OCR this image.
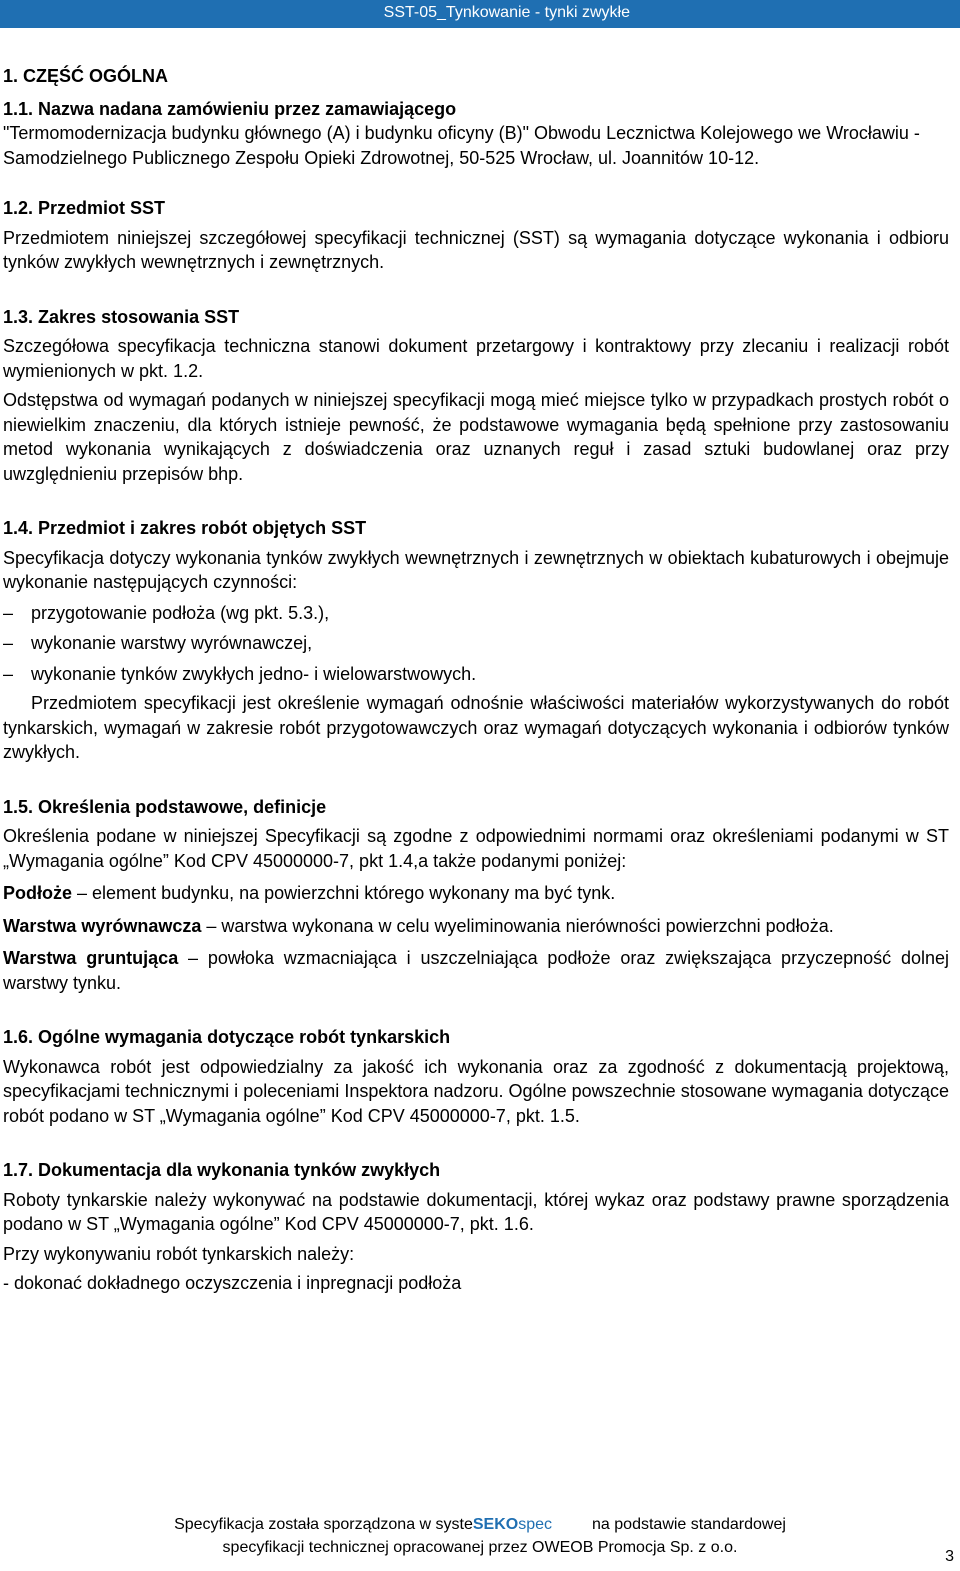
SST-05_Tynkowanie - tynki zwykłe

1. CZĘŚĆ OGÓLNA

1.1. Nazwa nadana zamówieniu przez zamawiającego

"Termomodernizacja budynku głównego (A) i budynku oficyny (B)" Obwodu Lecznictwa Kolejowego we Wrocławiu - Samodzielnego Publicznego Zespołu Opieki Zdrowotnej, 50-525 Wrocław, ul. Joannitów 10-12.

1.2. Przedmiot SST

Przedmiotem niniejszej szczegółowej specyfikacji technicznej (SST) są wymagania dotyczące wykonania i odbioru tynków zwykłych wewnętrznych i zewnętrznych.

1.3. Zakres stosowania SST

Szczegółowa specyfikacja techniczna stanowi dokument przetargowy i kontraktowy przy zlecaniu i realizacji robót wymienionych w pkt. 1.2.

Odstępstwa od wymagań podanych w niniejszej specyfikacji mogą mieć miejsce tylko w przypadkach prostych robót o niewielkim znaczeniu, dla których istnieje pewność, że podstawowe wymagania będą spełnione przy zastosowaniu metod wykonania wynikających z doświadczenia oraz uznanych reguł i zasad sztuki budowlanej oraz przy uwzględnieniu przepisów bhp.

1.4. Przedmiot i zakres robót objętych SST

Specyfikacja dotyczy wykonania tynków zwykłych wewnętrznych i zewnętrznych w obiektach kubaturowych i obejmuje wykonanie następujących czynności:

– przygotowanie podłoża (wg pkt. 5.3.),
– wykonanie warstwy wyrównawczej,
– wykonanie tynków zwykłych jedno- i wielowarstwowych.

Przedmiotem specyfikacji jest określenie wymagań odnośnie właściwości materiałów wykorzystywanych do robót tynkarskich, wymagań w zakresie robót przygotowawczych oraz wymagań dotyczących wykonania i odbiorów tynków zwykłych.

1.5. Określenia podstawowe, definicje

Określenia podane w niniejszej Specyfikacji są zgodne z odpowiednimi normami oraz określeniami podanymi w ST „Wymagania ogólne” Kod CPV 45000000-7, pkt 1.4,a także podanymi poniżej:

Podłoże – element budynku, na powierzchni którego wykonany ma być tynk.

Warstwa wyrównawcza – warstwa wykonana w celu wyeliminowania nierówności powierzchni podłoża.

Warstwa gruntująca – powłoka wzmacniająca i uszczelniająca podłoże oraz zwiększająca przyczepność dolnej warstwy tynku.

1.6. Ogólne wymagania dotyczące robót tynkarskich

Wykonawca robót jest odpowiedzialny za jakość ich wykonania oraz za zgodność z dokumentacją projektową, specyfikacjami technicznymi i poleceniami Inspektora nadzoru. Ogólne powszechnie stosowane wymagania dotyczące robót podano w ST „Wymagania ogólne” Kod CPV 45000000-7, pkt. 1.5.

1.7. Dokumentacja dla wykonania tynków zwykłych

Roboty tynkarskie należy wykonywać na podstawie dokumentacji, której wykaz oraz podstawy prawne sporządzenia podano w ST „Wymagania ogólne” Kod CPV 45000000-7, pkt. 1.6.

Przy wykonywaniu robót tynkarskich należy:

- dokonać dokładnego oczyszczenia i inpregnacji podłoża

Specyfikacja została sporządzona w systeSEKOspec	na podstawie standardowej
specyfikacji technicznej opracowanej przez OWEOB Promocja Sp. z o.o.
3
